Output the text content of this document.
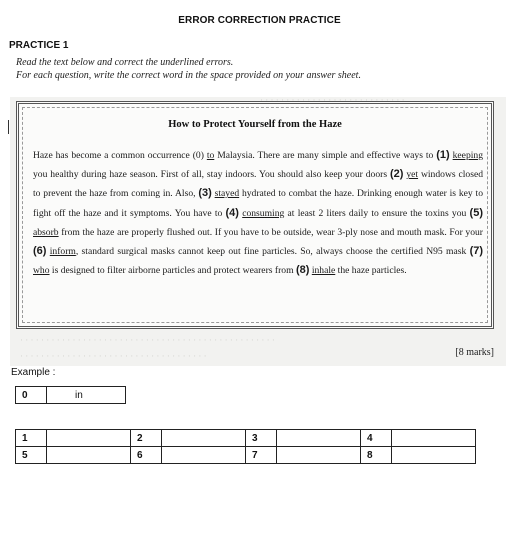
ERROR CORRECTION PRACTICE
PRACTICE 1
Read the text below and correct the underlined errors.
For each question, write the correct word in the space provided on your answer sheet.
· · · · · · · · · · · · · · · · · · · · · · · · · · · · · · · · · · · · · · · · · · · · · · · · ·
· · · · · · · · · · · · · · · · · · · · · · · · · · · · · · · · · · · ·
How to Protect Yourself from the Haze
Haze has become a common occurrence (0) to Malaysia. There are many simple and effective ways to (1) keeping you healthy during haze season. First of all, stay indoors. You should also keep your doors (2) yet windows closed to prevent the haze from coming in. Also, (3) stayed hydrated to combat the haze. Drinking enough water is key to fight off the haze and it symptoms. You have to (4) consuming at least 2 liters daily to ensure the toxins you (5) absorb from the haze are properly flushed out. If you have to be outside, wear 3-ply nose and mouth mask. For your (6) inform, standard surgical masks cannot keep out fine particles. So, always choose the certified N95 mask (7) who is designed to filter airborne particles and protect wearers from (8) inhale the haze particles.
[8 marks]
Example :
0	in
1		2		3		4	
5		6		7		8	
